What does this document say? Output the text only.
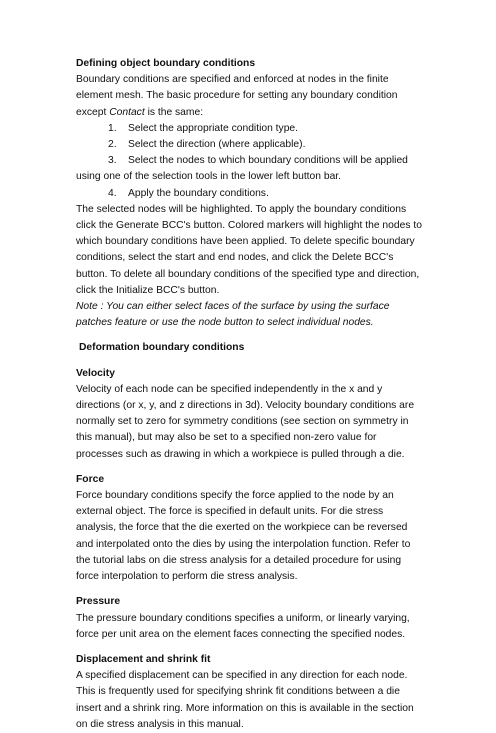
Defining object boundary conditions

Boundary conditions are specified and enforced at nodes in the finite element mesh. The basic procedure for setting any boundary condition except Contact is the same:

1. Select the appropriate condition type.
2. Select the direction (where applicable).
3. Select the nodes to which boundary conditions will be applied using one of the selection tools in the lower left button bar.
4. Apply the boundary conditions.

The selected nodes will be highlighted. To apply the boundary conditions click the Generate BCC's button. Colored markers will highlight the nodes to which boundary conditions have been applied. To delete specific boundary conditions, select the start and end nodes, and click the Delete BCC's button. To delete all boundary conditions of the specified type and direction, click the Initialize BCC's button.

Note : You can either select faces of the surface by using the surface patches feature or use the node button to select individual nodes.

Deformation boundary conditions

Velocity

Velocity of each node can be specified independently in the x and y directions (or x, y, and z directions in 3d). Velocity boundary conditions are normally set to zero for symmetry conditions (see section on symmetry in this manual), but may also be set to a specified non-zero value for processes such as drawing in which a workpiece is pulled through a die.

Force

Force boundary conditions specify the force applied to the node by an external object. The force is specified in default units. For die stress analysis, the force that the die exerted on the workpiece can be reversed and interpolated onto the dies by using the interpolation function. Refer to the tutorial labs on die stress analysis for a detailed procedure for using force interpolation to perform die stress analysis.

Pressure

The pressure boundary conditions specifies a uniform, or linearly varying, force per unit area on the element faces connecting the specified nodes.

Displacement and shrink fit

A specified displacement can be specified in any direction for each node. This is frequently used for specifying shrink fit conditions between a die insert and a shrink ring. More information on this is available in the section on die stress analysis in this manual.
